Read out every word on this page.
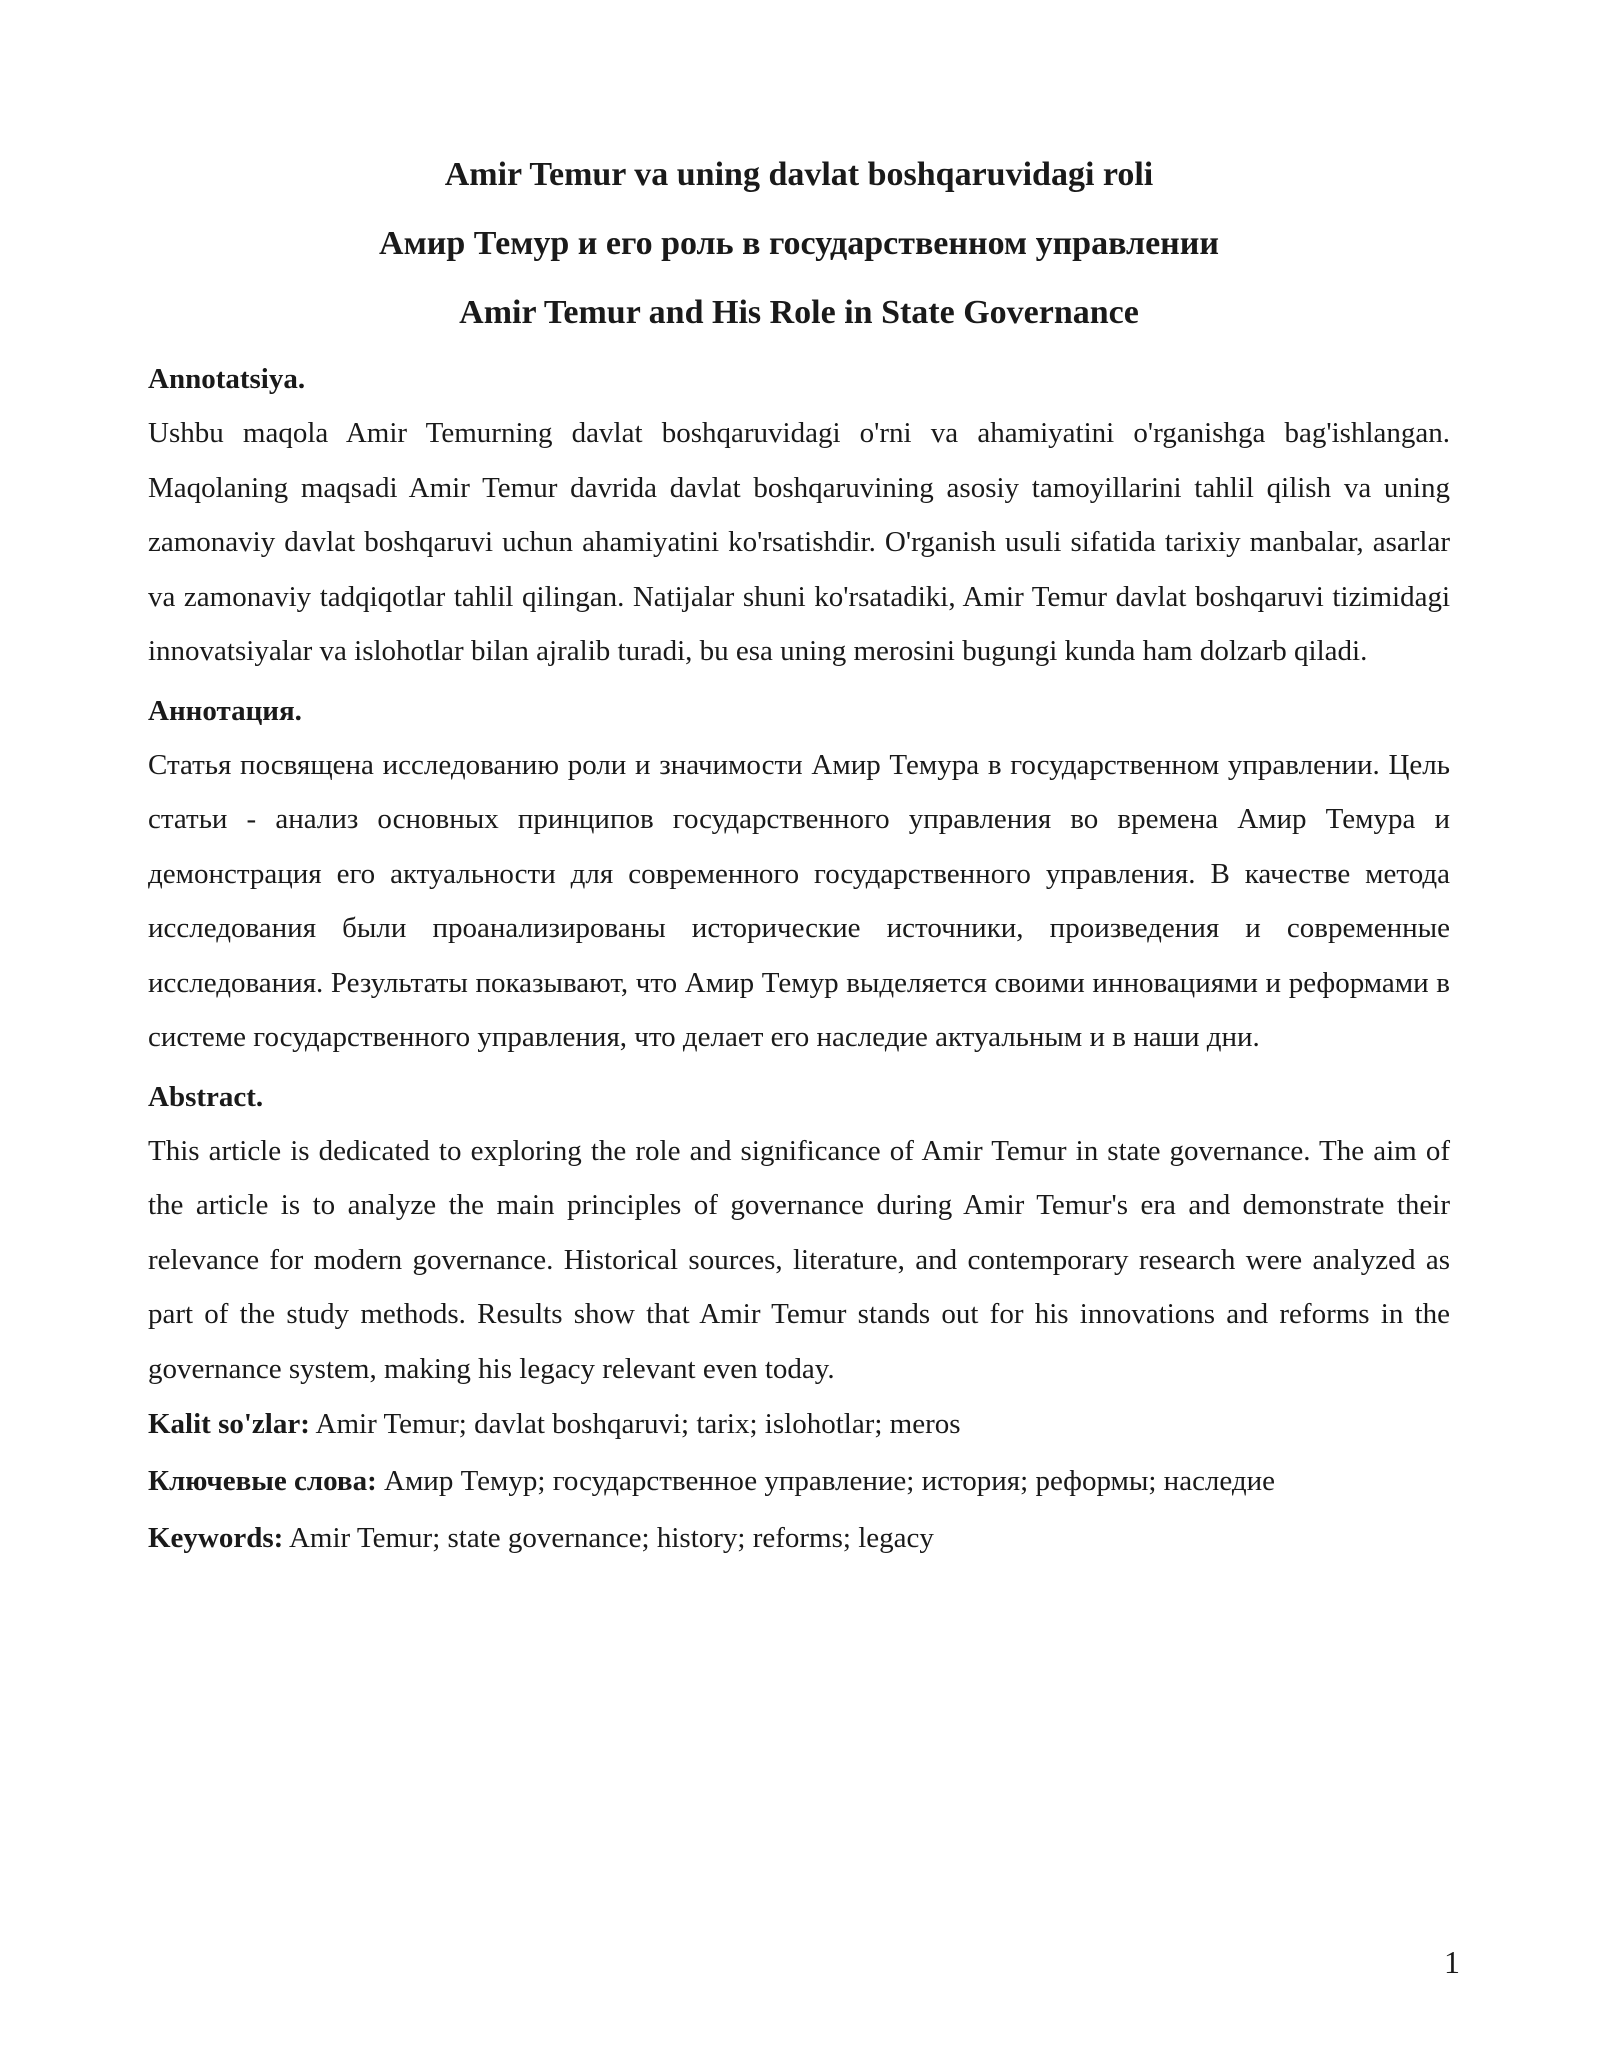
Amir Temur va uning davlat boshqaruvidagi roli
Амир Темур и его роль в государственном управлении
Amir Temur and His Role in State Governance
Annotatsiya.

Ushbu maqola Amir Temurning davlat boshqaruvidagi o'rni va ahamiyatini o'rganishga bag'ishlangan. Maqolaning maqsadi Amir Temur davrida davlat boshqaruvining asosiy tamoyillarini tahlil qilish va uning zamonaviy davlat boshqaruvi uchun ahamiyatini ko'rsatishdir. O'rganish usuli sifatida tarixiy manbalar, asarlar va zamonaviy tadqiqotlar tahlil qilingan. Natijalar shuni ko'rsatadiki, Amir Temur davlat boshqaruvi tizimidagi innovatsiyalar va islohotlar bilan ajralib turadi, bu esa uning merosini bugungi kunda ham dolzarb qiladi.

Аннотация.

Статья посвящена исследованию роли и значимости Амир Темура в государственном управлении. Цель статьи - анализ основных принципов государственного управления во времена Амир Темура и демонстрация его актуальности для современного государственного управления. В качестве метода исследования были проанализированы исторические источники, произведения и современные исследования. Результаты показывают, что Амир Темур выделяется своими инновациями и реформами в системе государственного управления, что делает его наследие актуальным и в наши дни.

Abstract.

This article is dedicated to exploring the role and significance of Amir Temur in state governance. The aim of the article is to analyze the main principles of governance during Amir Temur's era and demonstrate their relevance for modern governance. Historical sources, literature, and contemporary research were analyzed as part of the study methods. Results show that Amir Temur stands out for his innovations and reforms in the governance system, making his legacy relevant even today.

Kalit so'zlar: Amir Temur; davlat boshqaruvi; tarix; islohotlar; meros

Ключевые слова: Амир Темур; государственное управление; история; реформы; наследие

Keywords: Amir Temur; state governance; history; reforms; legacy

1
